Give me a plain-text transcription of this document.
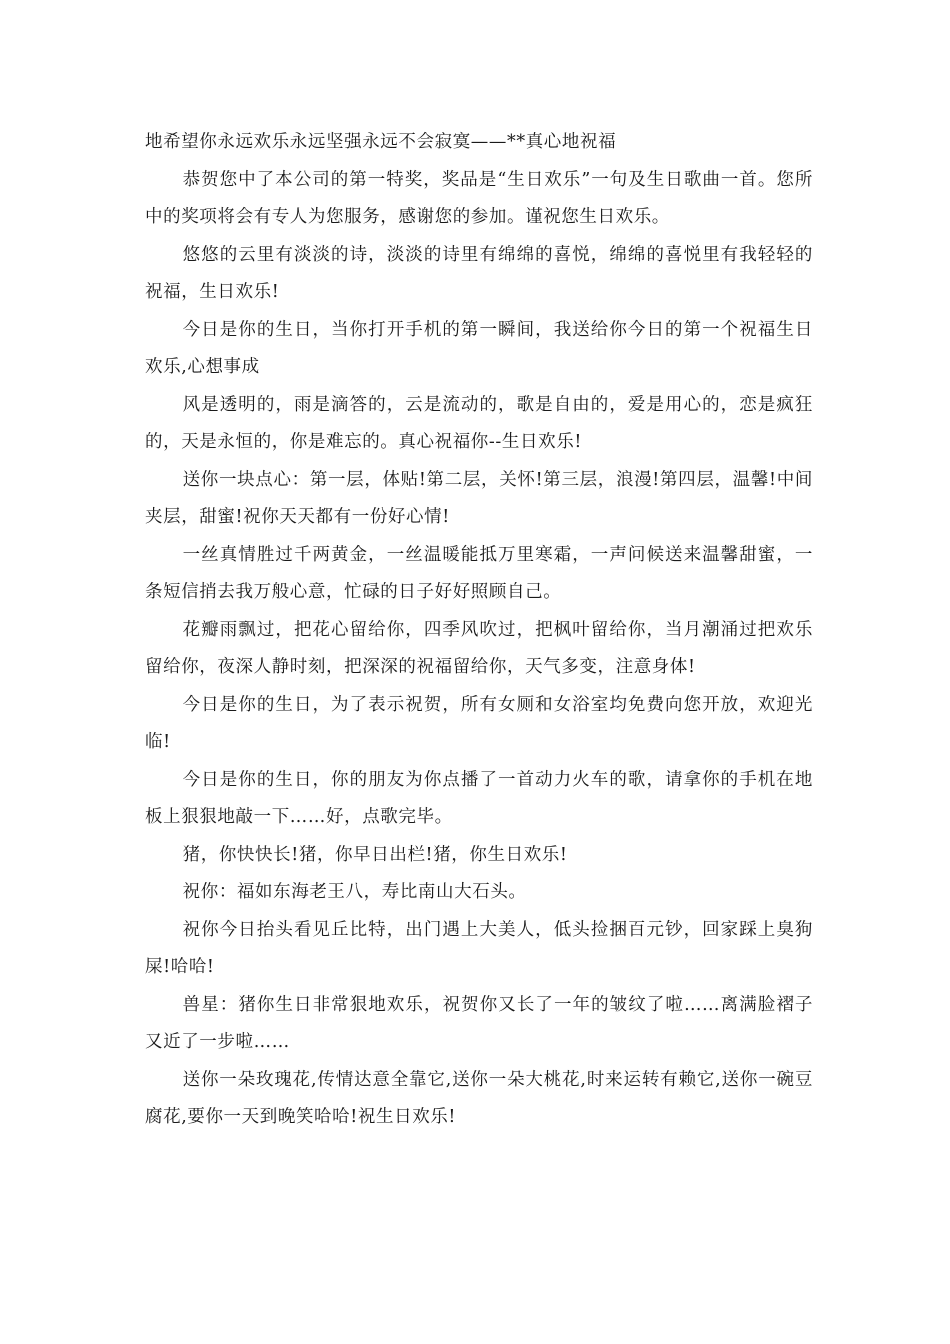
地希望你永远欢乐永远坚强永远不会寂寞——**真心地祝福

恭贺您中了本公司的第一特奖，奖品是“生日欢乐”一句及生日歌曲一首。您所中的奖项将会有专人为您服务，感谢您的参加。谨祝您生日欢乐。

悠悠的云里有淡淡的诗，淡淡的诗里有绵绵的喜悦，绵绵的喜悦里有我轻轻的祝福，生日欢乐!

今日是你的生日，当你打开手机的第一瞬间，我送给你今日的第一个祝福生日欢乐,心想事成

风是透明的，雨是滴答的，云是流动的，歌是自由的，爱是用心的，恋是疯狂的，天是永恒的，你是难忘的。真心祝福你--生日欢乐!

送你一块点心：第一层，体贴!第二层，关怀!第三层，浪漫!第四层，温馨!中间夹层，甜蜜!祝你天天都有一份好心情!

一丝真情胜过千两黄金，一丝温暖能抵万里寒霜，一声问候送来温馨甜蜜，一条短信捎去我万般心意，忙碌的日子好好照顾自己。

花瓣雨飘过，把花心留给你，四季风吹过，把枫叶留给你，当月潮涌过把欢乐留给你，夜深人静时刻，把深深的祝福留给你，天气多变，注意身体!

今日是你的生日，为了表示祝贺，所有女厕和女浴室均免费向您开放，欢迎光临!

今日是你的生日，你的朋友为你点播了一首动力火车的歌，请拿你的手机在地板上狠狠地敲一下……好，点歌完毕。

猪，你快快长!猪，你早日出栏!猪，你生日欢乐!

祝你：福如东海老王八，寿比南山大石头。

祝你今日抬头看见丘比特，出门遇上大美人，低头捡捆百元钞，回家踩上臭狗屎!哈哈!

兽星：猪你生日非常狠地欢乐，祝贺你又长了一年的皱纹了啦……离满脸褶子又近了一步啦……

送你一朵玫瑰花,传情达意全靠它,送你一朵大桃花,时来运转有赖它,送你一碗豆腐花,要你一天到晚笑哈哈!祝生日欢乐!
